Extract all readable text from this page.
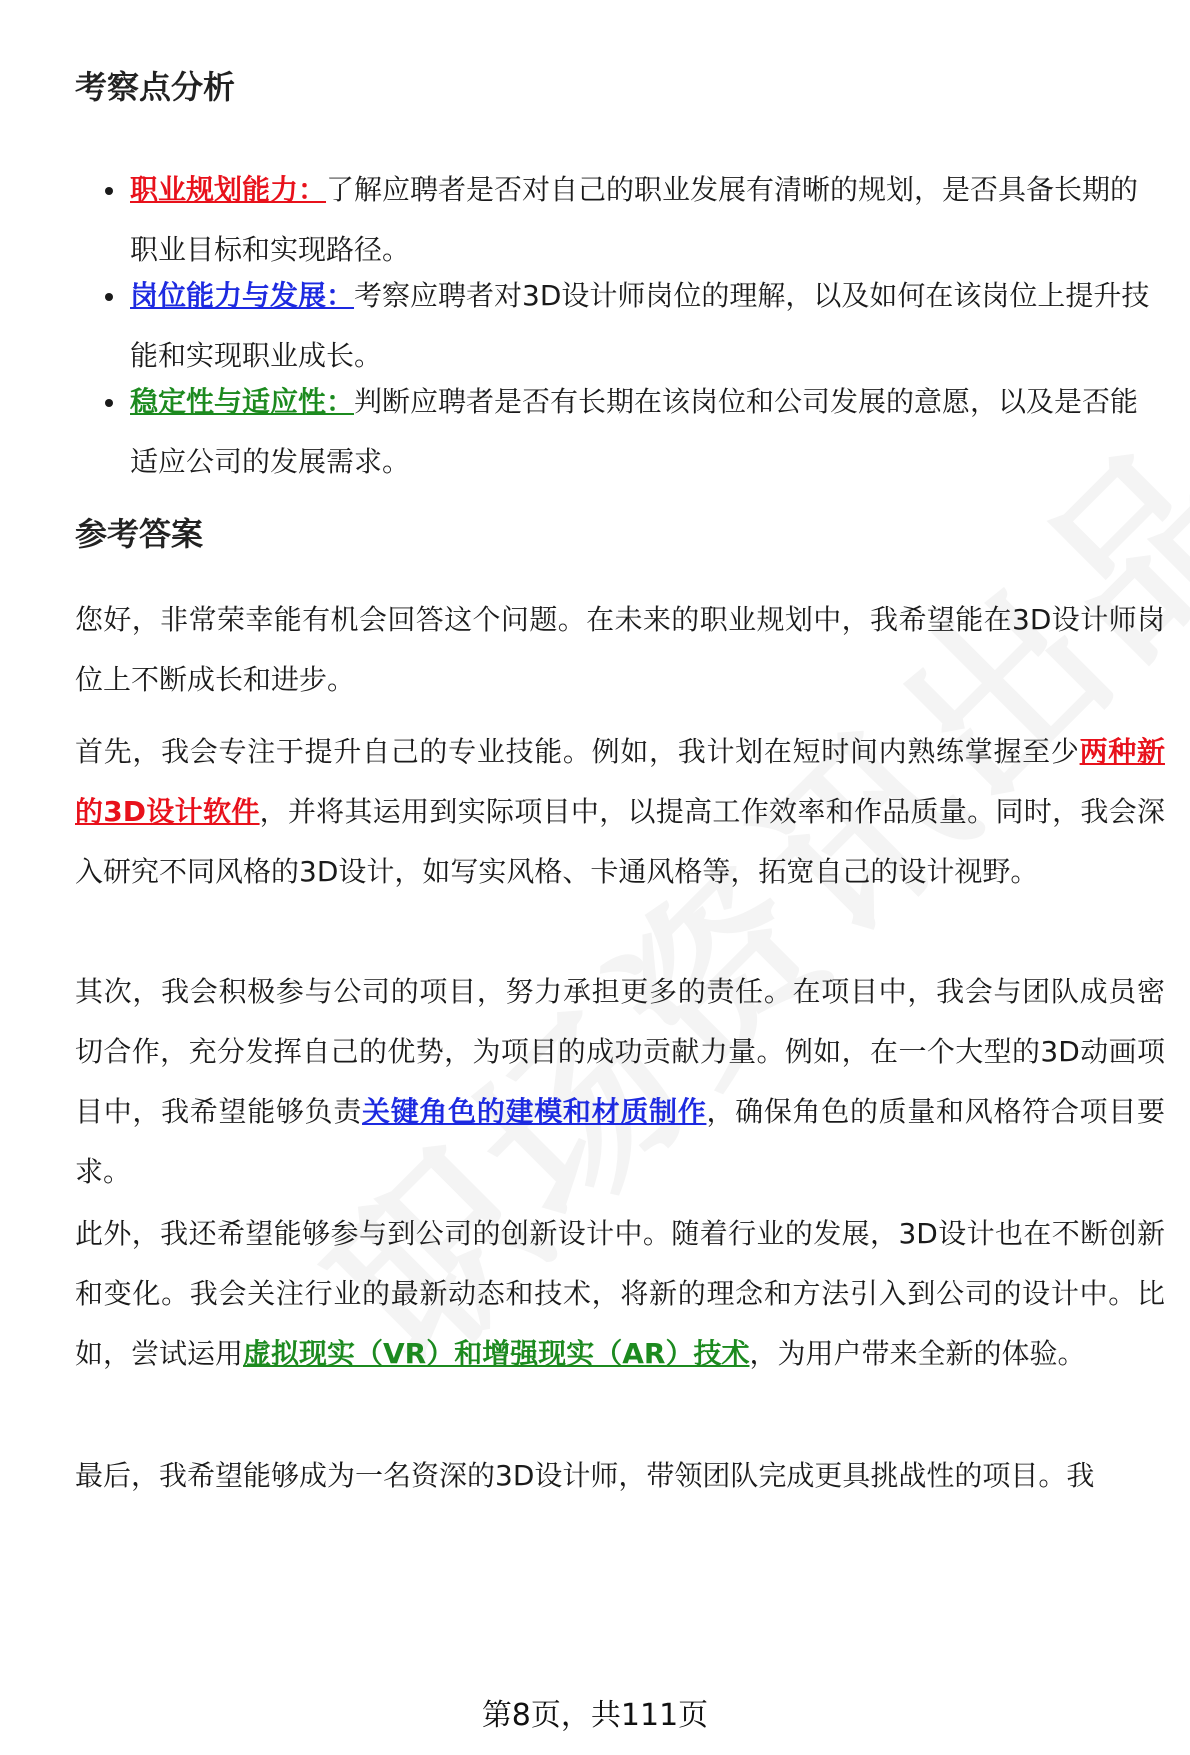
考察点分析
职业规划能力：了解应聘者是否对自己的职业发展有清晰的规划，是否具备长期的职业目标和实现路径。
岗位能力与发展：考察应聘者对3D设计师岗位的理解，以及如何在该岗位上提升技能和实现职业成长。
稳定性与适应性：判断应聘者是否有长期在该岗位和公司发展的意愿，以及是否能适应公司的发展需求。
参考答案

您好，非常荣幸能有机会回答这个问题。在未来的职业规划中，我希望能在3D设计师岗位上不断成长和进步。

首先，我会专注于提升自己的专业技能。例如，我计划在短时间内熟练掌握至少两种新的3D设计软件，并将其运用到实际项目中，以提高工作效率和作品质量。同时，我会深入研究不同风格的3D设计，如写实风格、卡通风格等，拓宽自己的设计视野。

其次，我会积极参与公司的项目，努力承担更多的责任。在项目中，我会与团队成员密切合作，充分发挥自己的优势，为项目的成功贡献力量。例如，在一个大型的3D动画项目中，我希望能够负责关键角色的建模和材质制作，确保角色的质量和风格符合项目要求。

此外，我还希望能够参与到公司的创新设计中。随着行业的发展，3D设计也在不断创新和变化。我会关注行业的最新动态和技术，将新的理念和方法引入到公司的设计中。比如，尝试运用虚拟现实（VR）和增强现实（AR）技术，为用户带来全新的体验。

最后，我希望能够成为一名资深的3D设计师，带领团队完成更具挑战性的项目。我

第8页，共111页
